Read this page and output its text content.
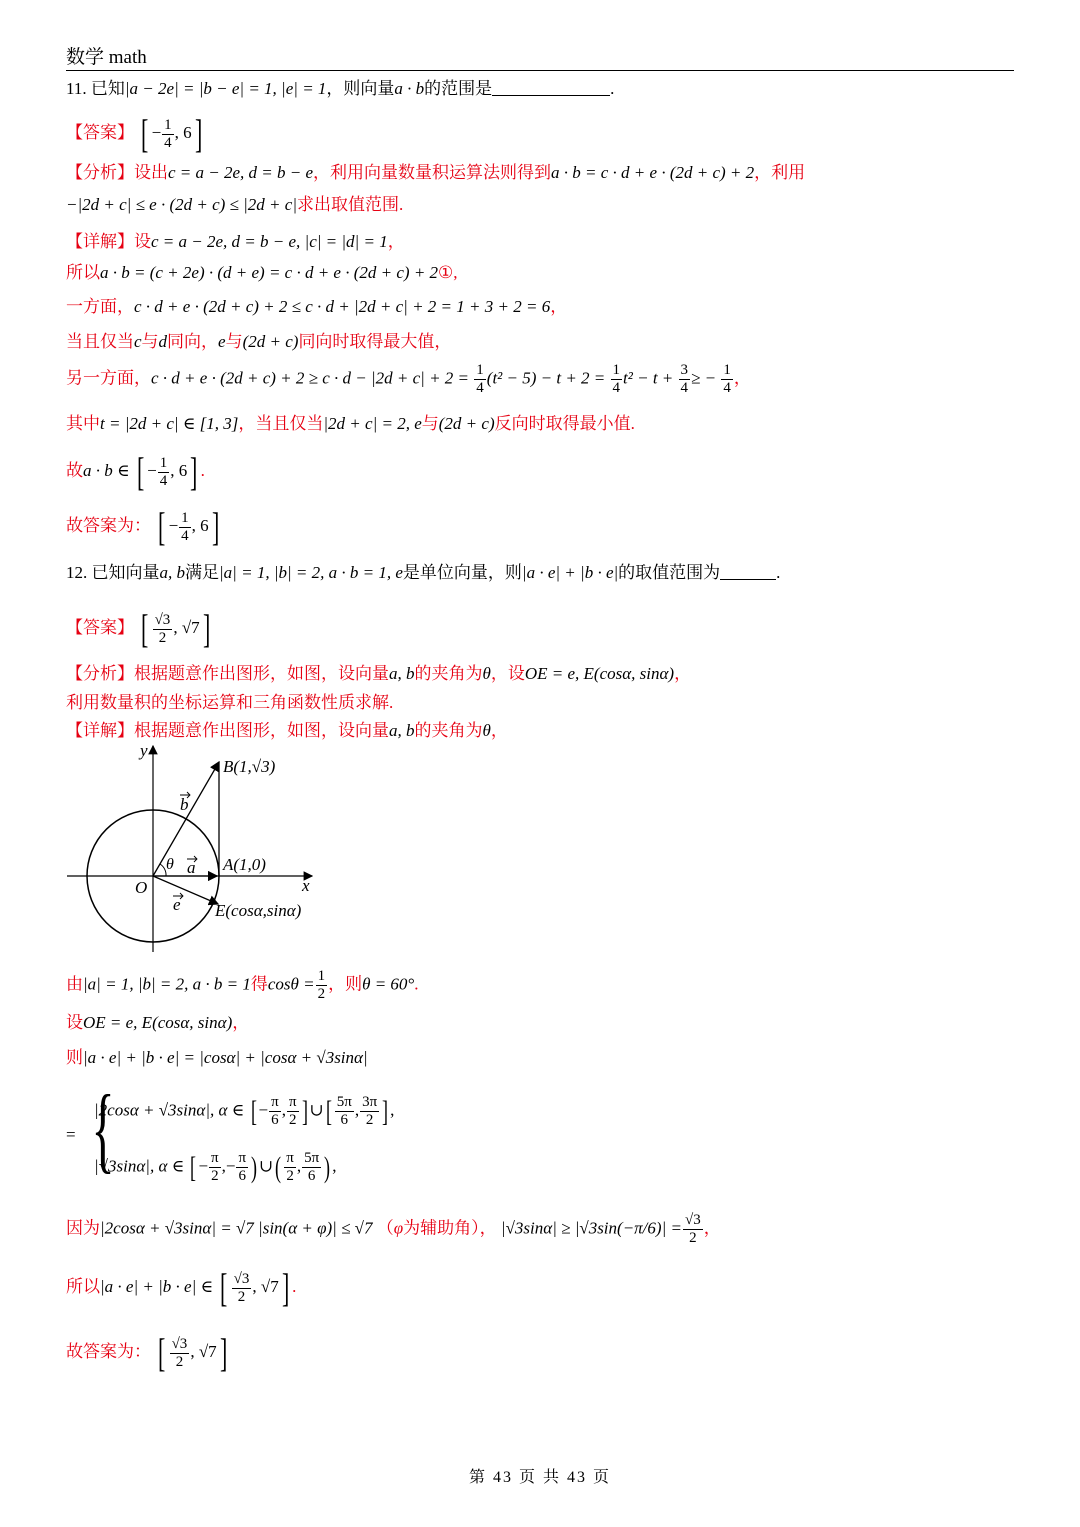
数学 math
11. 已知|a − 2e| = |b − e| = 1, |e| = 1，则向量a · b的范围是	.
【答案】 [ − $\frac{1}{4}$ , 6]
【分析】设出c = a − 2e, d = b − e，利用向量数量积运算法则得到a · b = c · d + e · (2d + c) + 2，利用
−|2d + c| ≤ e · (2d + c) ≤ |2d + c|求出取值范围.
【详解】设c = a − 2e, d = b − e, |c| = |d| = 1，
所以a · b = (c + 2e) · (d + e) = c · d + e · (2d + c) + 2①,
一方面，c · d + e · (2d + c) + 2 ≤ c · d + |2d + c| + 2 = 1 + 3 + 2 = 6，
当且仅当c与d同向，e与(2d + c)同向时取得最大值，
另一方面，$c \cdot d + e \cdot (2d + c) + 2 \ge c \cdot d - |2d + c| + 2 = \frac{1}{4} (t^2 - 5) - t + 2 = \frac{1}{4} t^2 - t + \frac{3}{4}$ ≥ − $\frac{1}{4}$ ，
其中t = |2d + c| ∈ [1, 3]，当且仅当|2d + c| = 2, e与(2d + c)反向时取得最小值.
故a · b ∈ [ − $\frac{1}{4}$ , 6] .
故答案为： [ − $\frac{1}{4}$ , 6]
12. 已知向量a, b满足|a| = 1, |b| = 2, a · b = 1, e是单位向量，则|a · e| + |b · e|的取值范围为	.
【答案】 [ $\frac{√3}{2}$ , √7]
【分析】根据题意作出图形，如图，设向量a, b的夹角为θ，设OE = e, E(cosα, sinα)，
利用数量积的坐标运算和三角函数性质求解.
【详解】根据题意作出图形，如图，设向量a, b的夹角为θ，
y
x
O
B(1,√3)
A(1,0)
E(cosα,sinα)
b
a
e
θ
由|a| = 1, |b| = 2, a · b = 1得$\cos\theta = \frac{1}{2}$ ，则θ = 60°.
设OE = e, E(cosα, sinα)，
则|a · e| + |b · e| = |cosα| + |cosα + √3sinα|
= {
|2cosα + √3sinα|, α ∈ [ − $\frac{\pi}{6}$ , $\frac{\pi}{2}$ ] ∪[ $\frac{5\pi}{6}$ , $\frac{3\pi}{2}$ ] ,
|√3sinα|, α ∈ [ − $\frac{\pi}{2}$ ,− $\frac{\pi}{6}$ ) ∪( $\frac{\pi}{2}$ , $\frac{5\pi}{6}$ ) ,
因为|2cosα + √3sinα| = √7 |sin(α + φ)| ≤ √7 （φ为辅助角）， $|√3\sin\alpha| \ge |√3\sin(-\pi/6)| = \frac{√3}{2}$ ，
所以|a · e| + |b · e| ∈ [ $\frac{√3}{2}$ , √7] .
故答案为： [ $\frac{√3}{2}$ , √7]
第 43 页 共 43 页
